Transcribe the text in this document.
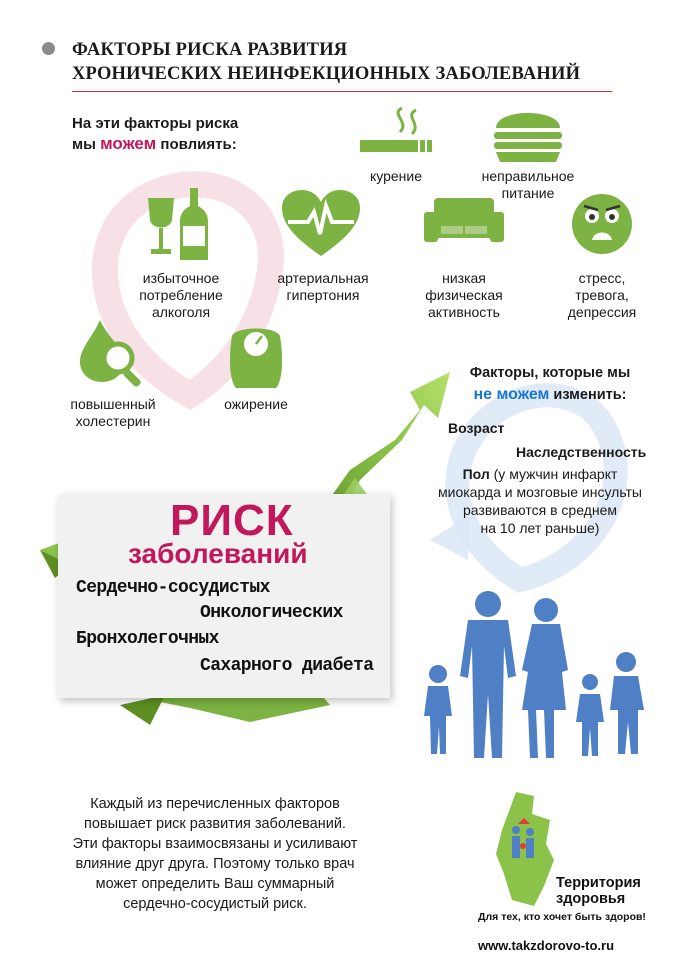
ФАКТОРЫ РИСКА РАЗВИТИЯ
ХРОНИЧЕСКИХ НЕИНФЕКЦИОННЫХ ЗАБОЛЕВАНИЙ
На эти факторы риска
мы можем повлиять:
курение	неправильное
питание
избыточное
потребление
алкоголя
артериальная
гипертония
низкая
физическая
активность
стресс,
тревога,
депрессия
повышенный
холестерин
ожирение
Факторы, которые мы
не можем изменить:
Возраст
Наследственность
Пол (у мужчин инфаркт
миокарда и мозговые инсульты
развиваются в среднем
на 10 лет раньше)
РИСК
заболеваний
Сердечно-сосудистых
Онкологических
Бронхолегочных
Сахарного диабета
Каждый из перечисленных факторов
повышает риск развития заболеваний.
Эти факторы взаимосвязаны и усиливают
влияние друг друга. Поэтому только врач
может определить Ваш суммарный
сердечно-сосудистый риск.
Территория
здоровья
Для тех, кто хочет быть здоров!
www.takzdorovo-to.ru
